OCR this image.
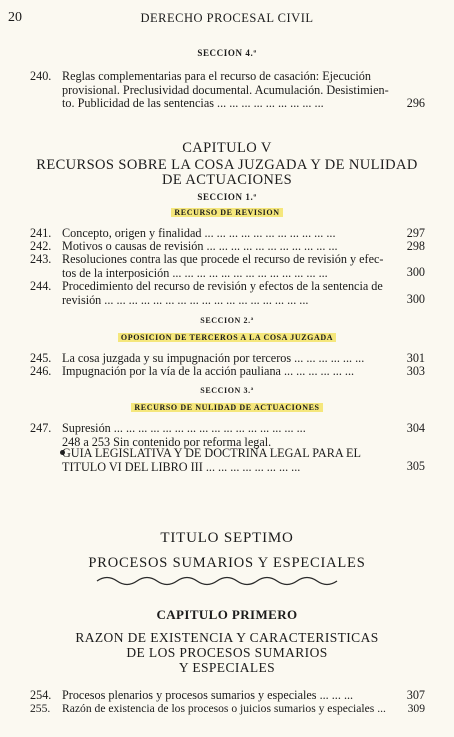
20	DERECHO PROCESAL CIVIL
SECCION 4.ª
240. Reglas complementarias para el recurso de casación: Ejecución
provisional. Preclusividad documental. Acumulación. Desistimien-
to. Publicidad de las sentencias ... ... ... ... ... ... ... ... ...	296
CAPITULO V
RECURSOS SOBRE LA COSA JUZGADA Y DE NULIDAD
DE ACTUACIONES
SECCION 1.ª
RECURSO DE REVISION
241. Concepto, origen y finalidad ... ... ... ... ... ... ... ... ... ... ...	297
242. Motivos o causas de revisión ... ... ... ... ... ... ... ... ... ... ...	298
243. Resoluciones contra las que procede el recurso de revisión y efec-
tos de la interposición ... ... ... ... ... ... ... ... ... ... ... ... ...	300
244. Procedimiento del recurso de revisión y efectos de la sentencia de
revisión ... ... ... ... ... ... ... ... ... ... ... ... ... ... ... ... ...	300
SECCION 2.ª
OPOSICION DE TERCEROS A LA COSA JUZGADA
245. La cosa juzgada y su impugnación por terceros ... ... ... ... ... ...	301
246. Impugnación por la vía de la acción pauliana ... ... ... ... ... ...	303
SECCION 3.ª
RECURSO DE NULIDAD DE ACTUACIONES
247. Supresión ... ... ... ... ... ... ... ... ... ... ... ... ... ... ... ...	304
248 a 253 Sin contenido por reforma legal.
GUIA LEGISLATIVA Y DE DOCTRINA LEGAL PARA EL
TITULO VI DEL LIBRO III ... ... ... ... ... ... ... ...	305
TITULO SEPTIMO
PROCESOS SUMARIOS Y ESPECIALES
CAPITULO PRIMERO
RAZON DE EXISTENCIA Y CARACTERISTICAS
DE LOS PROCESOS SUMARIOS
Y ESPECIALES
254. Procesos plenarios y procesos sumarios y especiales ... ... ...	307
255. Razón de existencia de los procesos o juicios sumarios y especiales ...	309
